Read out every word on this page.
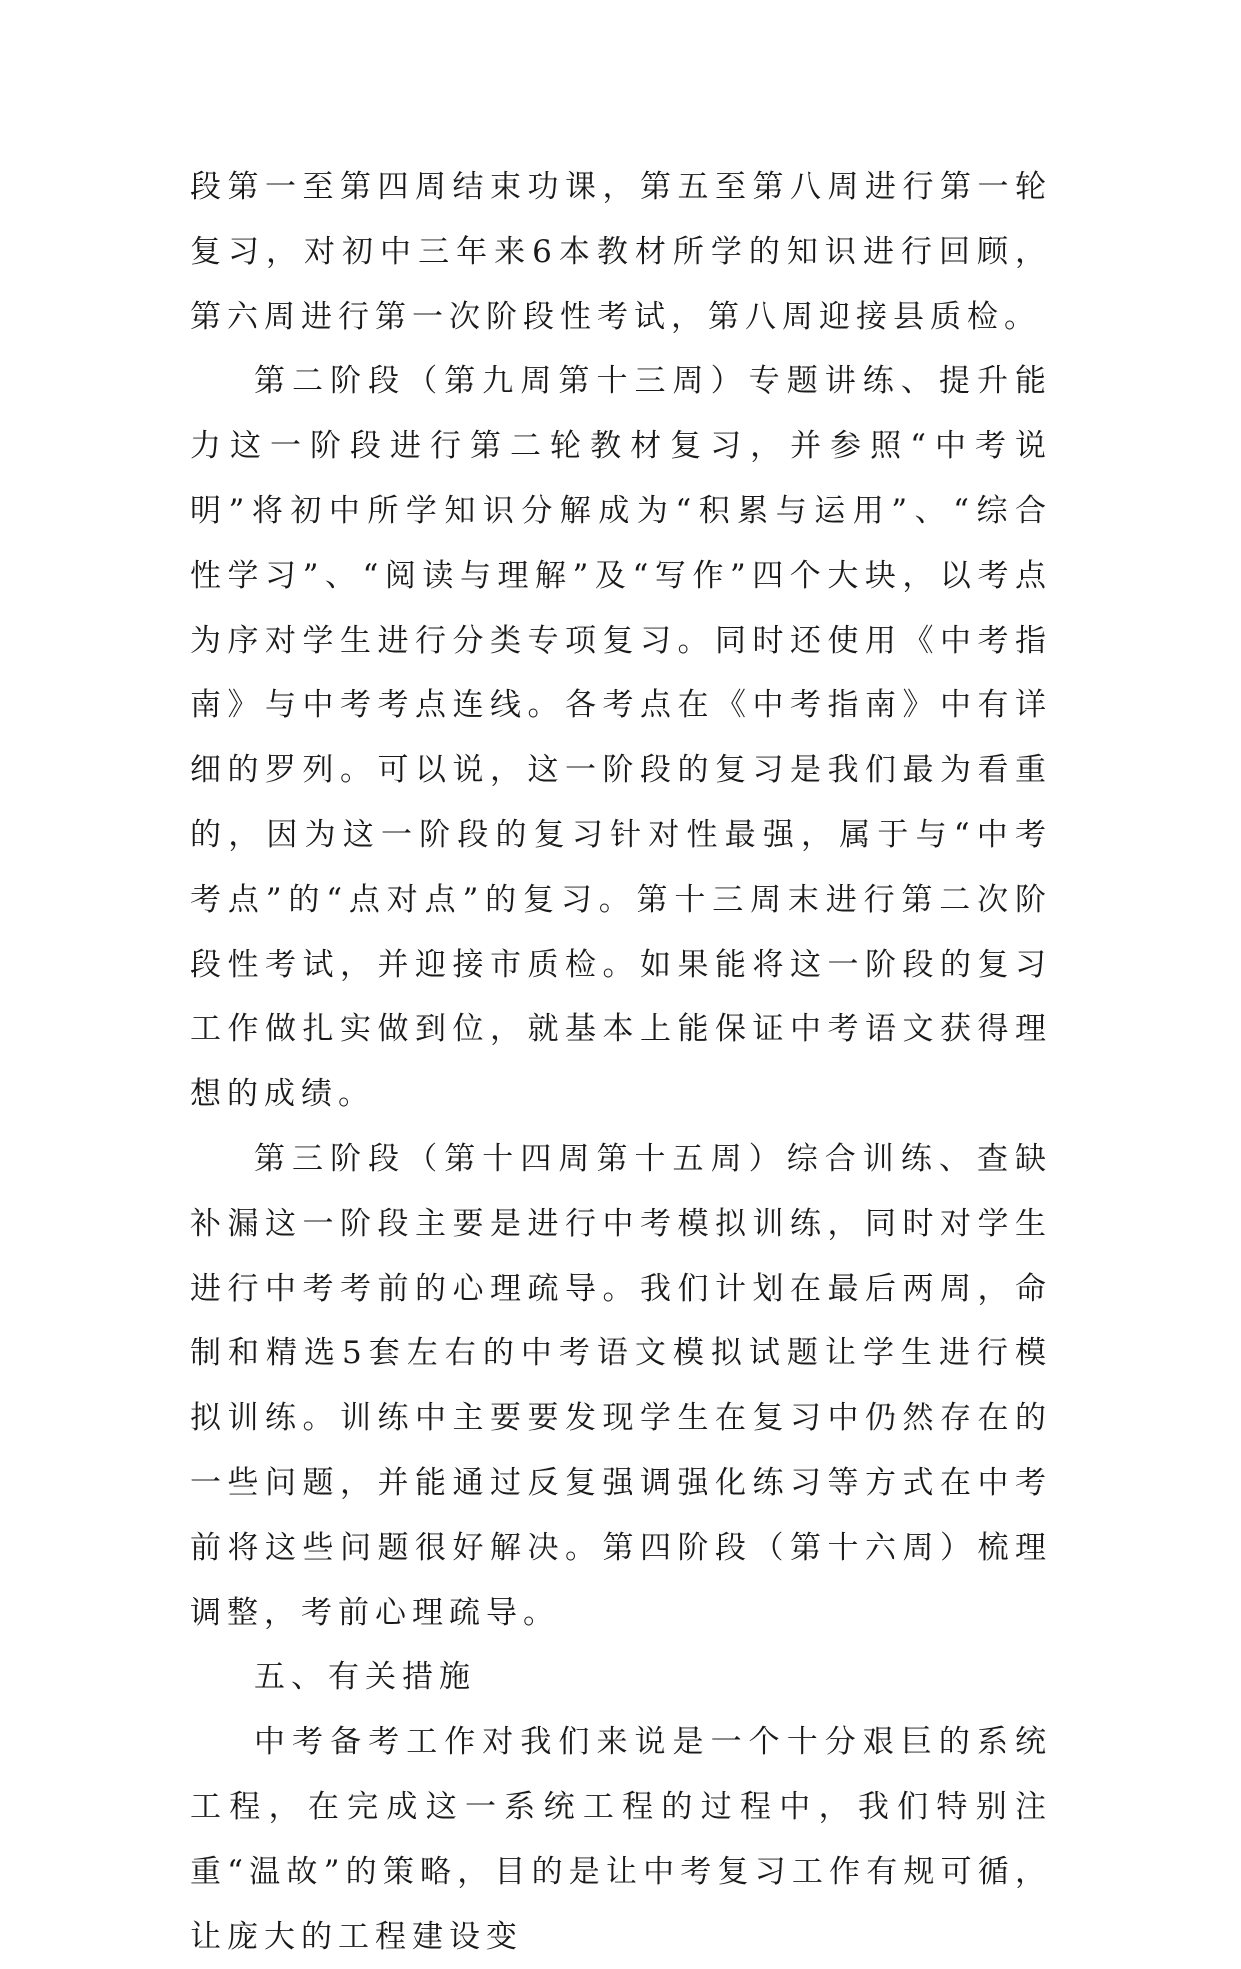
段第一至第四周结束功课，第五至第八周进行第一轮复习，对初中三年来6本教材所学的知识进行回顾，第六周进行第一次阶段性考试，第八周迎接县质检。

第二阶段（第九周第十三周）专题讲练、提升能力这一阶段进行第二轮教材复习，并参照“中考说明”将初中所学知识分解成为“积累与运用”、“综合性学习”、“阅读与理解”及“写作”四个大块，以考点为序对学生进行分类专项复习。同时还使用《中考指南》与中考考点连线。各考点在《中考指南》中有详细的罗列。可以说，这一阶段的复习是我们最为看重的，因为这一阶段的复习针对性最强，属于与“中考考点”的“点对点”的复习。第十三周末进行第二次阶段性考试，并迎接市质检。如果能将这一阶段的复习工作做扎实做到位，就基本上能保证中考语文获得理想的成绩。

第三阶段（第十四周第十五周）综合训练、查缺补漏这一阶段主要是进行中考模拟训练，同时对学生进行中考考前的心理疏导。我们计划在最后两周，命制和精选5套左右的中考语文模拟试题让学生进行模拟训练。训练中主要要发现学生在复习中仍然存在的一些问题，并能通过反复强调强化练习等方式在中考前将这些问题很好解决。第四阶段（第十六周）梳理调整，考前心理疏导。

五、有关措施

中考备考工作对我们来说是一个十分艰巨的系统工程，在完成这一系统工程的过程中，我们特别注重“温故”的策略，目的是让中考复习工作有规可循，让庞大的工程建设变
